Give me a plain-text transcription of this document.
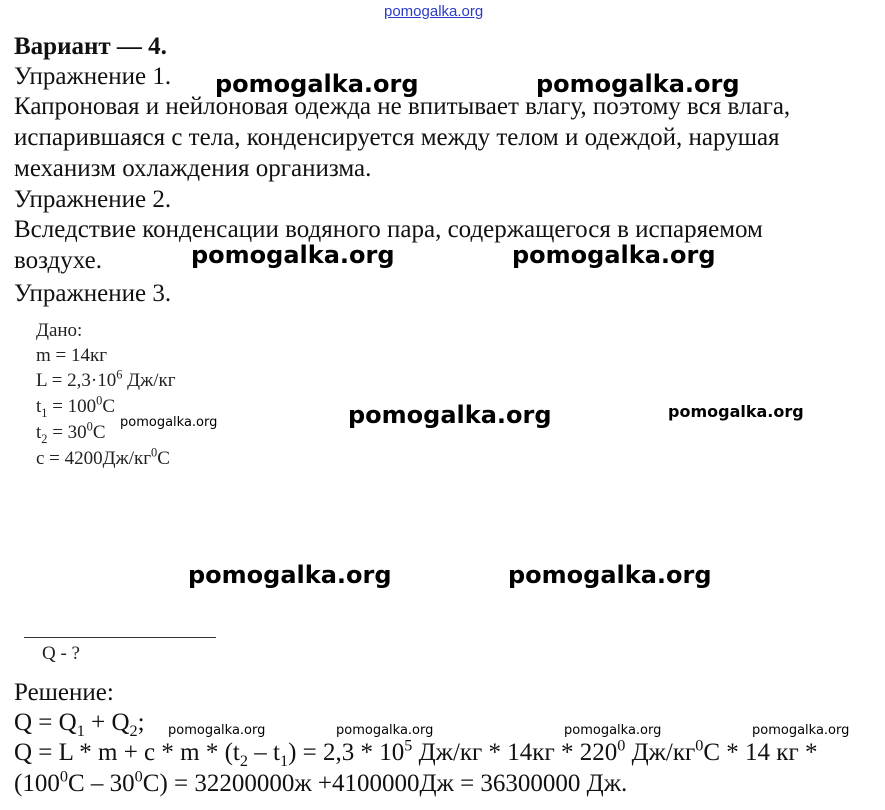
pomogalka.org
Вариант — 4.
Упражнение 1.
Капроновая и нейлоновая одежда не впитывает влагу, поэтому вся влага,
испарившаяся с тела, конденсируется между телом и одеждой, нарушая
механизм охлаждения организма.
Упражнение 2.
Вследствие конденсации водяного пара, содержащегося в испаряемом
воздухе.
Упражнение 3.
Дано:
m = 14кг
$L = 2,3\cdot 10^6$ Дж/кг
$t_1 = 100^0C$
$t_2 = 30^0C$
$c = 4200Дж/кг^0C$
Q - ?
Решение:
$Q = Q_1 + Q_2$;
$Q = L * m + c * m * (t_2 - t_1) = 2,3 * 10^5$ $Дж/кг * 14кг * 220^0$ $Дж/кг^0C * 14$ кг *
$(100^0C - 30^0C) = 32200000ж +4100000Дж = 36300000$ Дж.
pomogalka.org	pomogalka.org
pomogalka.org	pomogalka.org
pomogalka.org	pomogalka.org
pomogalka.org
pomogalka.org	pomogalka.org
pomogalka.org	pomogalka.org	pomogalka.org	pomogalka.org
